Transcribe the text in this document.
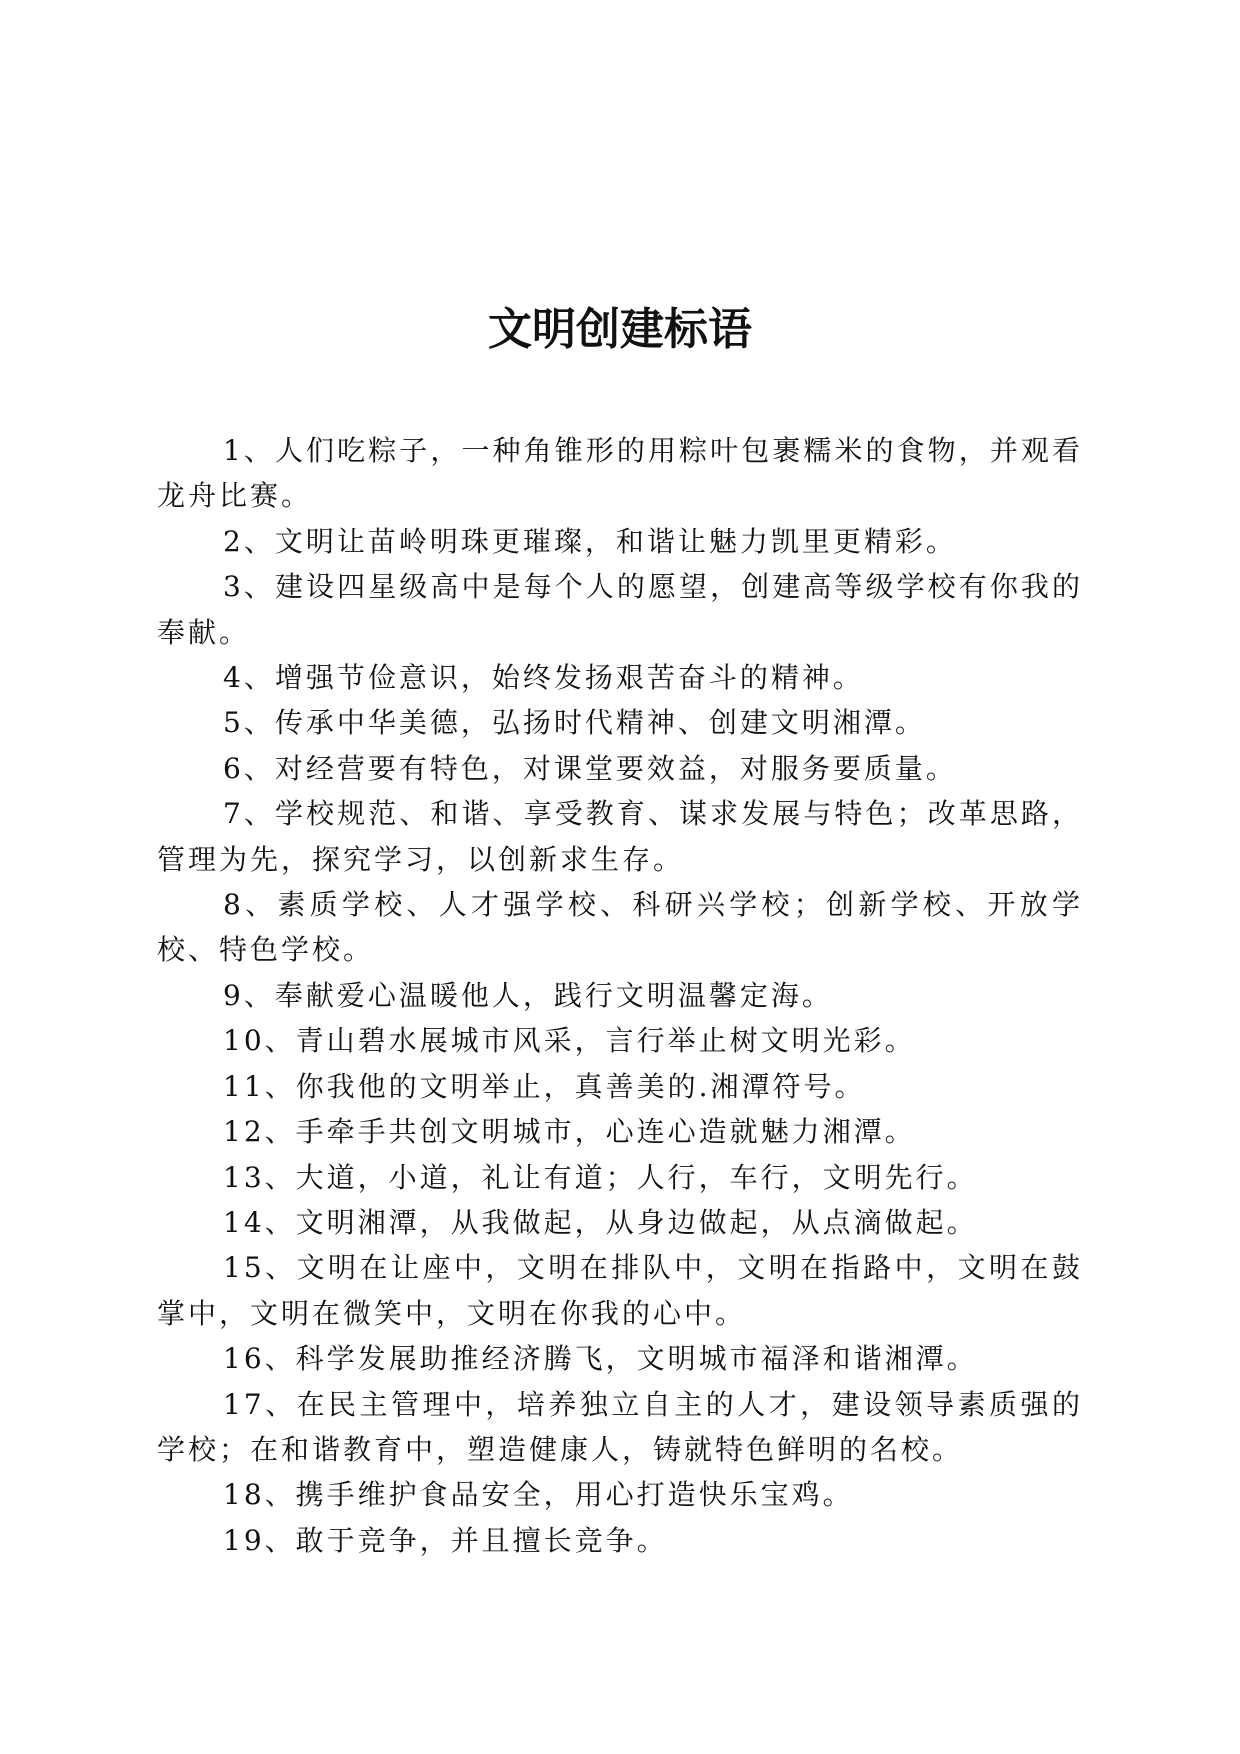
文明创建标语
1、人们吃粽子，一种角锥形的用粽叶包裹糯米的食物，并观看龙舟比赛。
2、文明让苗岭明珠更璀璨，和谐让魅力凯里更精彩。
3、建设四星级高中是每个人的愿望，创建高等级学校有你我的奉献。
4、增强节俭意识，始终发扬艰苦奋斗的精神。
5、传承中华美德，弘扬时代精神、创建文明湘潭。
6、对经营要有特色，对课堂要效益，对服务要质量。
7、学校规范、和谐、享受教育、谋求发展与特色；改革思路，管理为先，探究学习，以创新求生存。
8、素质学校、人才强学校、科研兴学校；创新学校、开放学校、特色学校。
9、奉献爱心温暖他人，践行文明温馨定海。
10、青山碧水展城市风采，言行举止树文明光彩。
11、你我他的文明举止，真善美的.湘潭符号。
12、手牵手共创文明城市，心连心造就魅力湘潭。
13、大道，小道，礼让有道；人行，车行，文明先行。
14、文明湘潭，从我做起，从身边做起，从点滴做起。
15、文明在让座中，文明在排队中，文明在指路中，文明在鼓掌中，文明在微笑中，文明在你我的心中。
16、科学发展助推经济腾飞，文明城市福泽和谐湘潭。
17、在民主管理中，培养独立自主的人才，建设领导素质强的学校；在和谐教育中，塑造健康人，铸就特色鲜明的名校。
18、携手维护食品安全，用心打造快乐宝鸡。
19、敢于竞争，并且擅长竞争。
